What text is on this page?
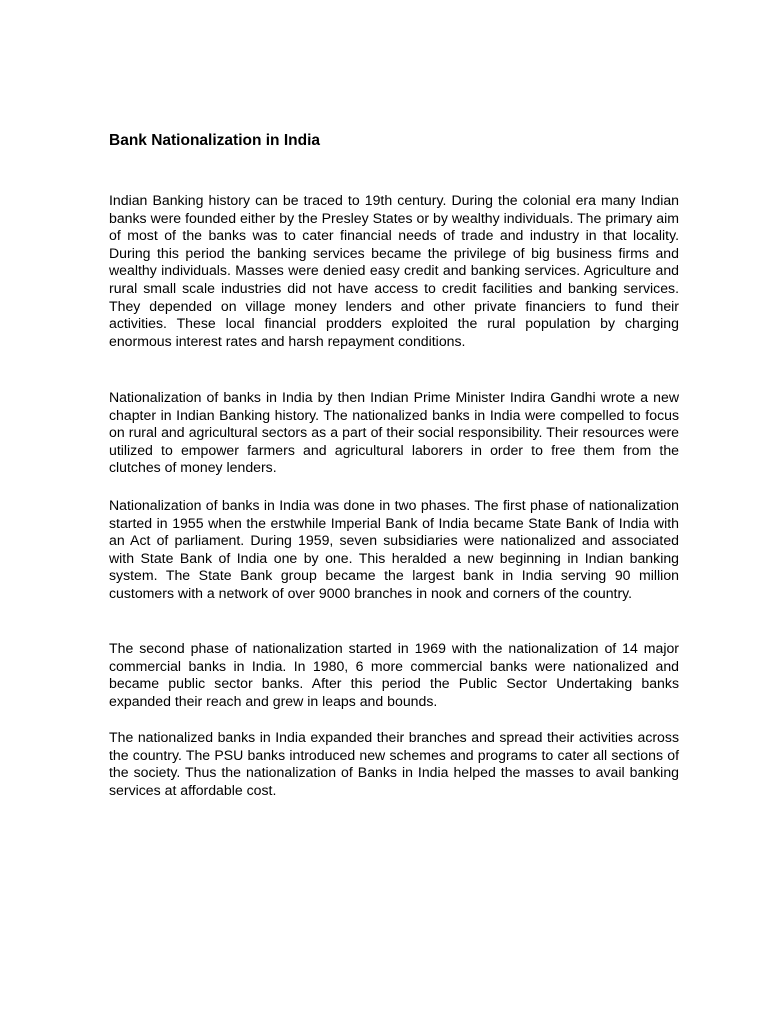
Bank Nationalization in India

Indian Banking history can be traced to 19th century. During the colonial era many Indian banks were founded either by the Presley States or by wealthy individuals. The primary aim of most of the banks was to cater financial needs of trade and industry in that locality. During this period the banking services became the privilege of big business firms and wealthy individuals. Masses were denied easy credit and banking services. Agriculture and rural small scale industries did not have access to credit facilities and banking services. They depended on village money lenders and other private financiers to fund their activities. These local financial prodders exploited the rural population by charging enormous interest rates and harsh repayment conditions.

Nationalization of banks in India by then Indian Prime Minister Indira Gandhi wrote a new chapter in Indian Banking history. The nationalized banks in India were compelled to focus on rural and agricultural sectors as a part of their social responsibility. Their resources were utilized to empower farmers and agricultural laborers in order to free them from the clutches of money lenders.

Nationalization of banks in India was done in two phases. The first phase of nationalization started in 1955 when the erstwhile Imperial Bank of India became State Bank of India with an Act of parliament. During 1959, seven subsidiaries were nationalized and associated with State Bank of India one by one. This heralded a new beginning in Indian banking system. The State Bank group became the largest bank in India serving 90 million customers with a network of over 9000 branches in nook and corners of the country.

The second phase of nationalization started in 1969 with the nationalization of 14 major commercial banks in India. In 1980, 6 more commercial banks were nationalized and became public sector banks. After this period the Public Sector Undertaking banks expanded their reach and grew in leaps and bounds.

The nationalized banks in India expanded their branches and spread their activities across the country. The PSU banks introduced new schemes and programs to cater all sections of the society. Thus the nationalization of Banks in India helped the masses to avail banking services at affordable cost.
